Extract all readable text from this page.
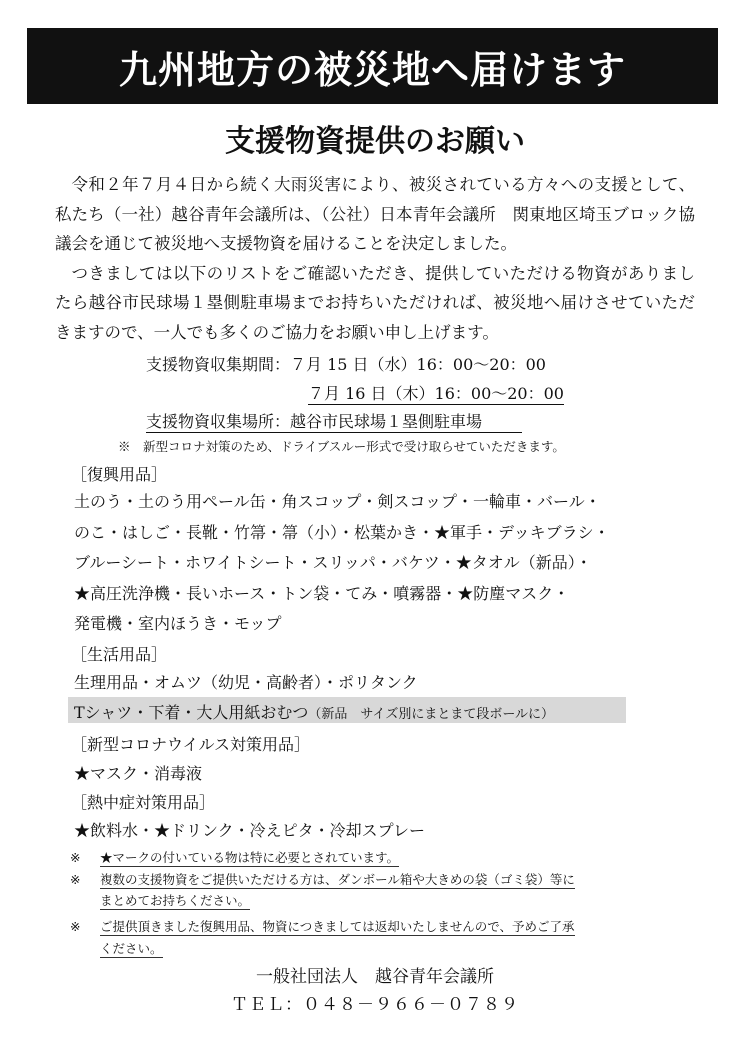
九州地方の被災地へ届けます
支援物資提供のお願い

令和２年７月４日から続く大雨災害により、被災されている方々への支援として、私たち（一社）越谷青年会議所は、（公社）日本青年会議所　関東地区埼玉ブロック協議会を通じて被災地へ支援物資を届けることを決定しました。

つきましては以下のリストをご確認いただき、提供していただける物資がありましたら越谷市民球場１塁側駐車場までお持ちいただければ、被災地へ届けさせていただきますので、一人でも多くのご協力をお願い申し上げます。

支援物資収集期間：７月 15 日（水）16：00～20：00
７月 16 日（木）16：00～20：00
支援物資収集場所：越谷市民球場１塁側駐車場
※　新型コロナ対策のため、ドライブスルー形式で受け取らせていただきます。
［復興用品］
土のう・土のう用ペール缶・角スコップ・剣スコップ・一輪車・バール・
のこ・はしご・長靴・竹箒・箒（小）・松葉かき・★軍手・デッキブラシ・
ブルーシート・ホワイトシート・スリッパ・バケツ・★タオル（新品）・
★高圧洗浄機・長いホース・トン袋・てみ・噴霧器・★防塵マスク・
発電機・室内ほうき・モップ
［生活用品］
生理用品・オムツ（幼児・高齢者）・ポリタンク
Tシャツ・下着・大人用紙おむつ（新品　サイズ別にまとまて段ボールに）
［新型コロナウイルス対策用品］
★マスク・消毒液
［熱中症対策用品］
★飲料水・★ドリンク・冷えピタ・冷却スプレー
※ ★マークの付いている物は特に必要とされています。
※ 複数の支援物資をご提供いただける方は、ダンボール箱や大きめの袋（ゴミ袋）等に
まとめてお持ちください。
※ ご提供頂きました復興用品、物資につきましては返却いたしませんので、予めご了承
ください。
一般社団法人　越谷青年会議所
ＴＥＬ：０４８－９６６－０７８９
